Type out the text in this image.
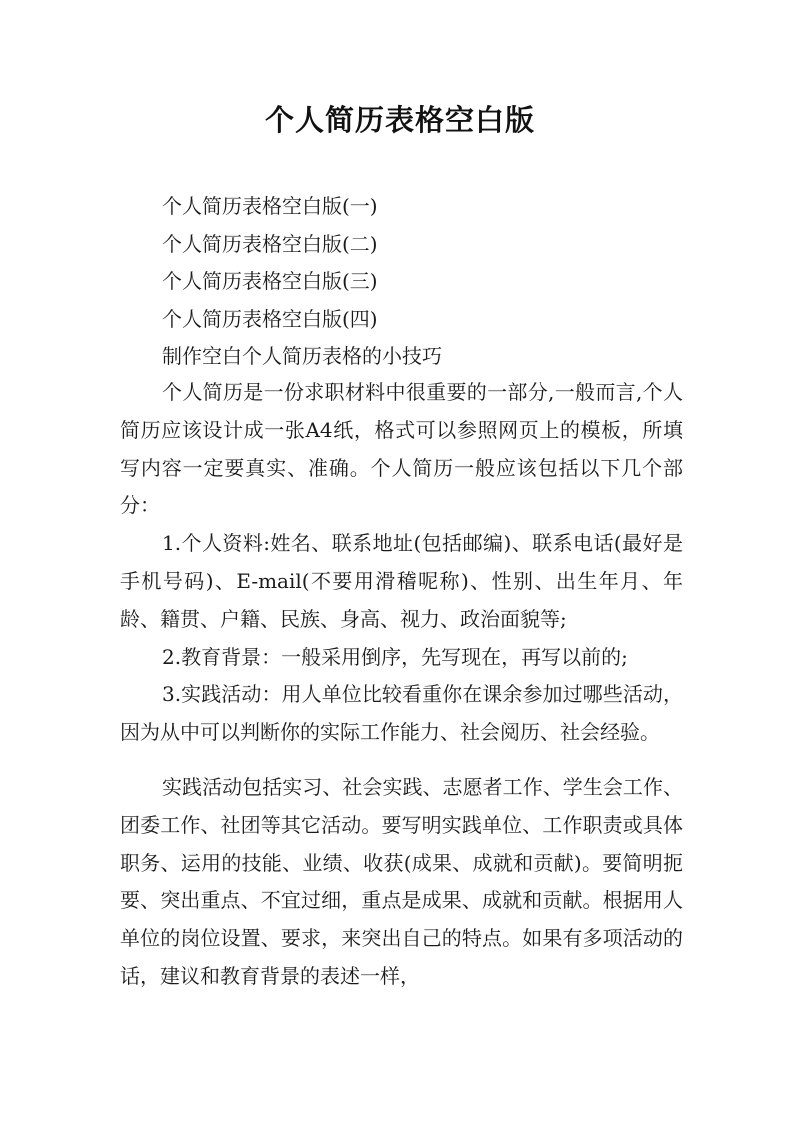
个人简历表格空白版
个人简历表格空白版(一)
个人简历表格空白版(二)
个人简历表格空白版(三)
个人简历表格空白版(四)
制作空白个人简历表格的小技巧

个人简历是一份求职材料中很重要的一部分,一般而言,个人简历应该设计成一张A4纸，格式可以参照网页上的模板，所填写内容一定要真实、准确。个人简历一般应该包括以下几个部分：

1.个人资料:姓名、联系地址(包括邮编)、联系电话(最好是手机号码)、E-mail(不要用滑稽呢称)、性别、出生年月、年龄、籍贯、户籍、民族、身高、视力、政治面貌等;

2.教育背景：一般采用倒序，先写现在，再写以前的;

3.实践活动：用人单位比较看重你在课余参加过哪些活动，因为从中可以判断你的实际工作能力、社会阅历、社会经验。

实践活动包括实习、社会实践、志愿者工作、学生会工作、团委工作、社团等其它活动。要写明实践单位、工作职责或具体职务、运用的技能、业绩、收获(成果、成就和贡献)。要简明扼要、突出重点、不宜过细，重点是成果、成就和贡献。根据用人单位的岗位设置、要求，来突出自己的特点。如果有多项活动的话，建议和教育背景的表述一样，
